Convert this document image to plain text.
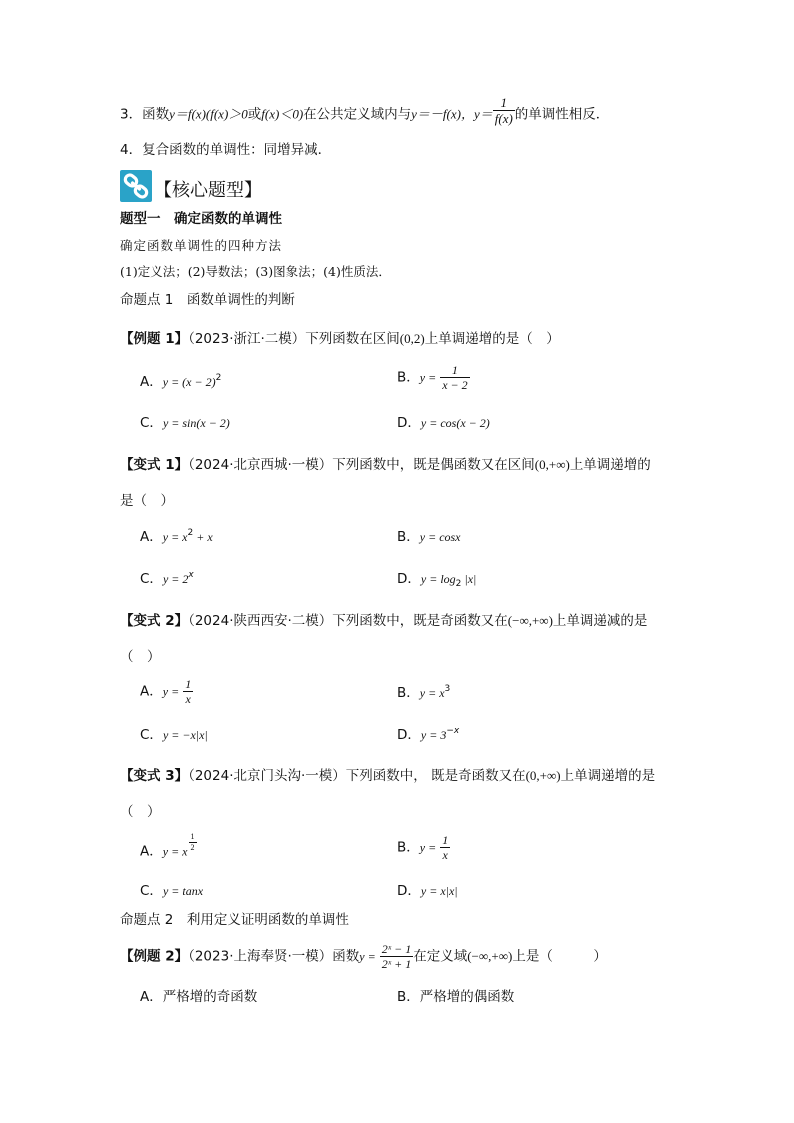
3．函数y＝f(x)(f(x)＞0或f(x)＜0)在公共定义域内与y＝－f(x)，$y= \frac{1}{f(x)}$ 的单调性相反．
4．复合函数的单调性：同增异减．
【核心题型】
题型一　确定函数的单调性
确定函数单调性的四种方法
(1)定义法；(2)导数法；(3)图象法；(4)性质法．
命题点 1　函数单调性的判断
【例题 1】（2023·浙江·二模）下列函数在区间(0,2)上单调递增的是（　）
A．$y = (x - 2)^2$	B．$y = \frac{1}{x - 2}$
C．y = sin(x − 2)	D．y = cos(x − 2)
【变式 1】（2024·北京西城·一模）下列函数中，既是偶函数又在区间(0,+∞)上单调递增的
是（　）
A．$y = x^2 + x$	B．y = cosx
C．$y = 2^x$	D．$y = \log_2 |x|$
【变式 2】（2024·陕西西安·二模）下列函数中，既是奇函数又在(−∞,+∞)上单调递减的是
（　）
A．$y = \frac{1}{x}$	B．$y = x^3$
C．y = −x|x|	D．$y = 3^{-x}$
【变式 3】（2024·北京门头沟·一模）下列函数中， 既是奇函数又在(0,+∞)上单调递增的是
（　）
A．y = x $\frac{1}{2}$	B．$y = \frac{1}{x}$
C．y = tanx	D．y = x|x|
命题点 2　利用定义证明函数的单调性
【例题 2】（2023·上海奉贤·一模）函数$y = \frac{\text{2ˣ − 1}}{\text{2ˣ + 1}}$ 在定义域(−∞,+∞)上是（　　　）
A．严格增的奇函数	B．严格增的偶函数
